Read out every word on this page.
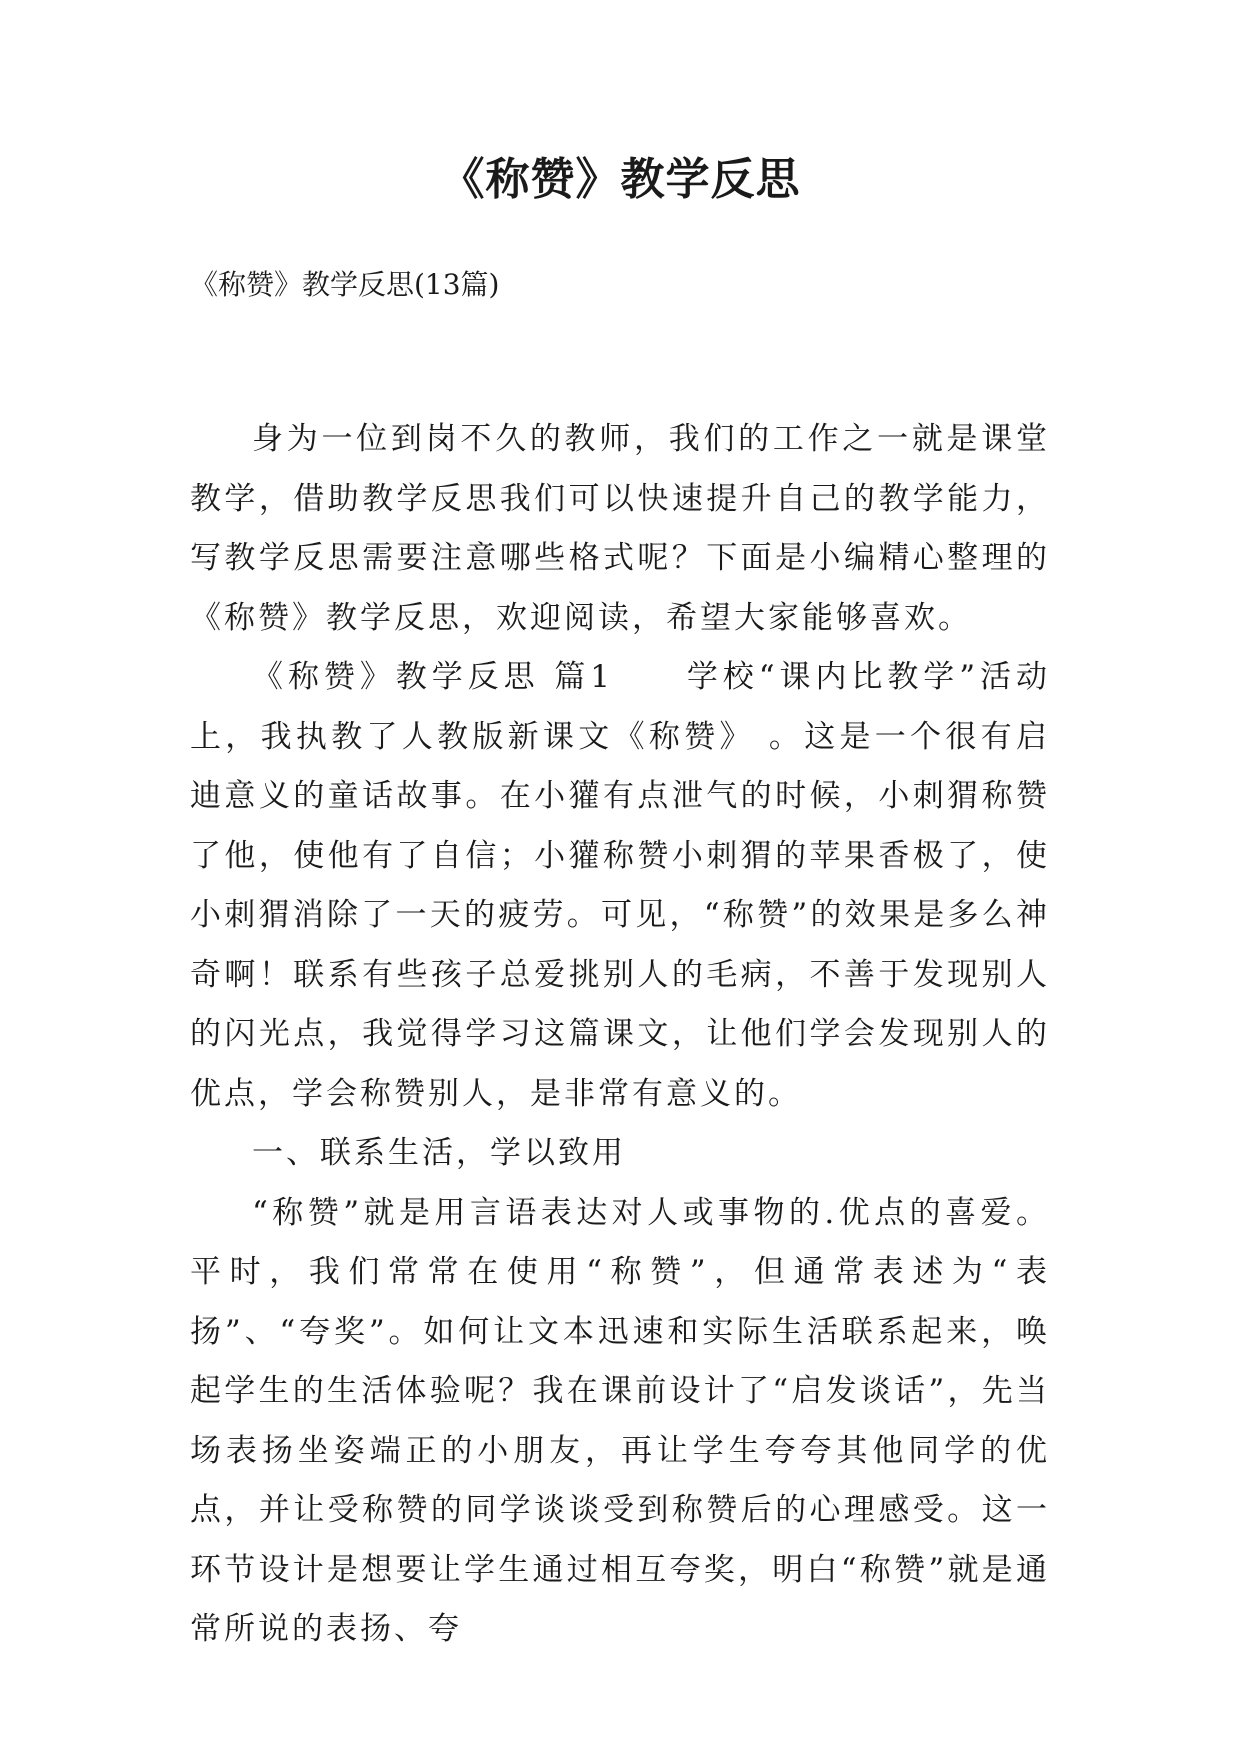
《称赞》教学反思
《称赞》教学反思(13篇)

身为一位到岗不久的教师，我们的工作之一就是课堂教学，借助教学反思我们可以快速提升自己的教学能力，写教学反思需要注意哪些格式呢？下面是小编精心整理的《称赞》教学反思，欢迎阅读，希望大家能够喜欢。

《称赞》教学反思 篇1　　学校“课内比教学”活动上，我执教了人教版新课文《称赞》 。这是一个很有启迪意义的童话故事。在小獾有点泄气的时候，小刺猬称赞了他，使他有了自信；小獾称赞小刺猬的苹果香极了，使小刺猬消除了一天的疲劳。可见，“称赞”的效果是多么神奇啊！联系有些孩子总爱挑别人的毛病，不善于发现别人的闪光点，我觉得学习这篇课文，让他们学会发现别人的优点，学会称赞别人，是非常有意义的。

一、联系生活，学以致用

“称赞”就是用言语表达对人或事物的.优点的喜爱。平时，我们常常在使用“称赞”，但通常表述为“表扬”、“夸奖”。如何让文本迅速和实际生活联系起来，唤起学生的生活体验呢？我在课前设计了“启发谈话”，先当场表扬坐姿端正的小朋友，再让学生夸夸其他同学的优点，并让受称赞的同学谈谈受到称赞后的心理感受。这一环节设计是想要让学生通过相互夸奖，明白“称赞”就是通常所说的表扬、夸
